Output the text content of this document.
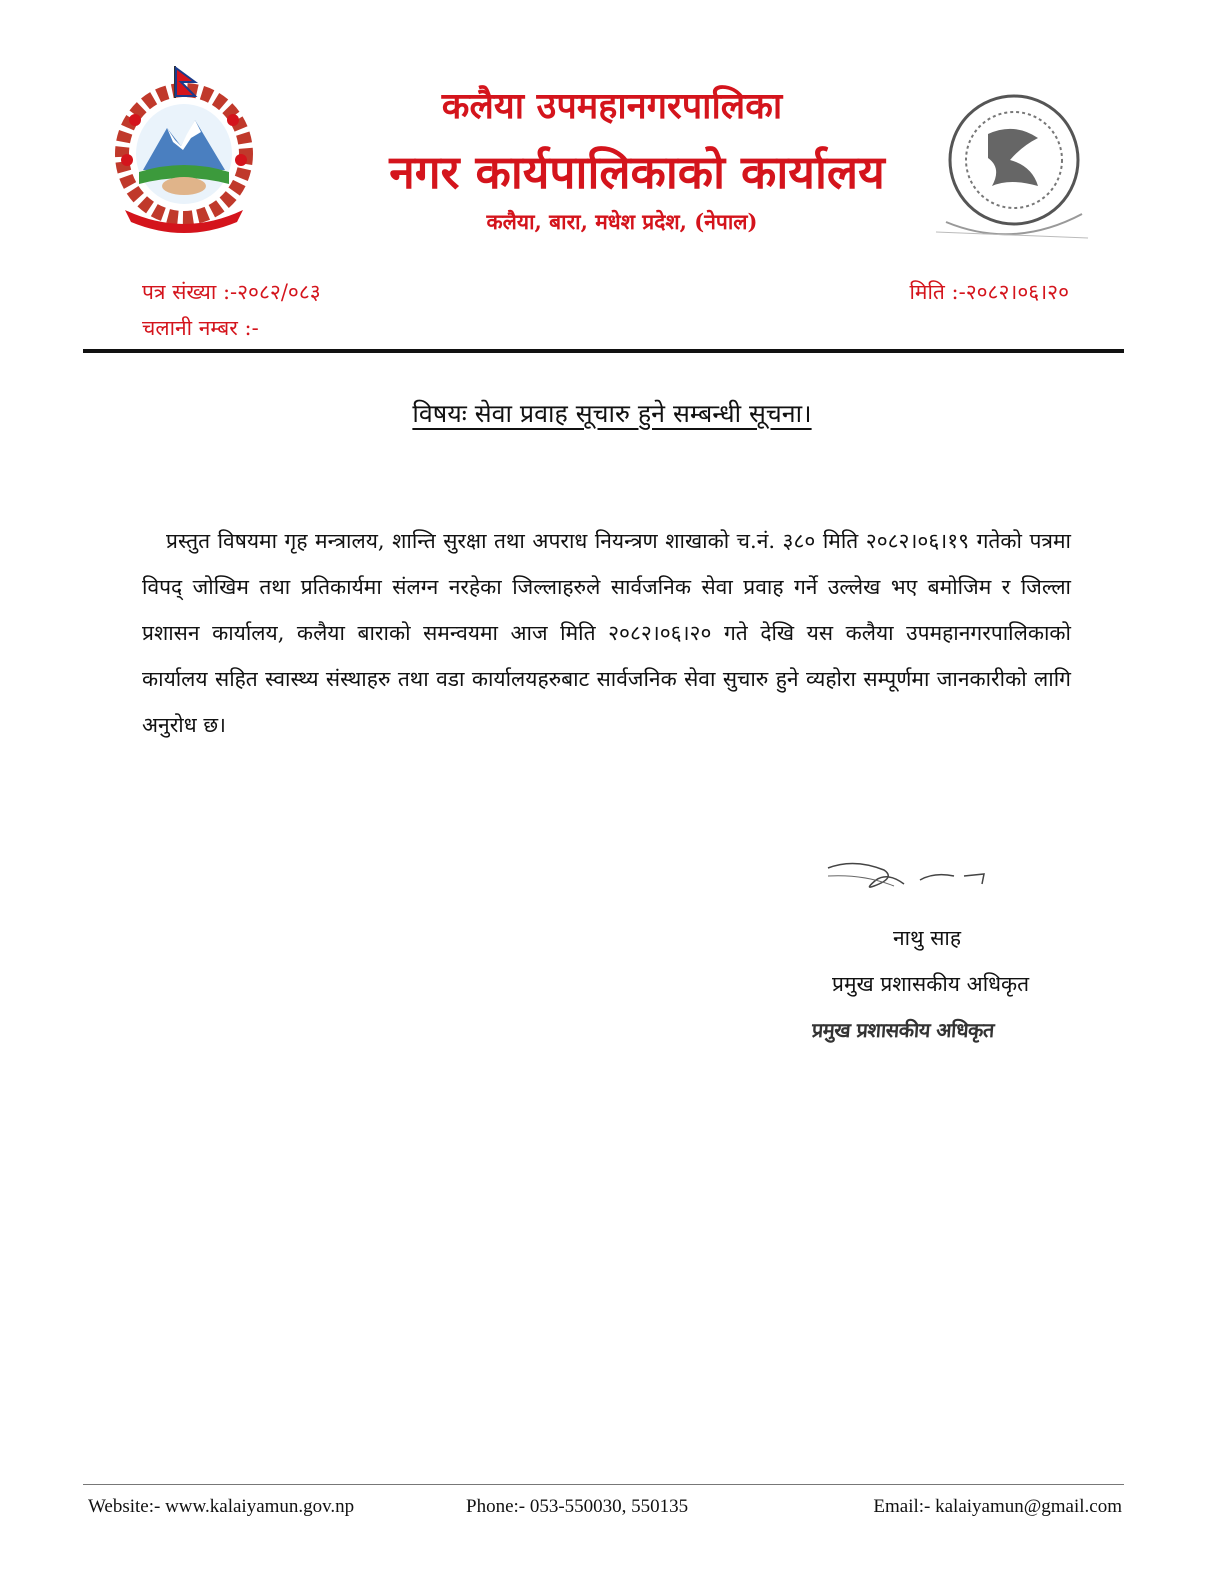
कलैया उपमहानगरपालिका
नगर कार्यपालिकाको कार्यालय
कलैया, बारा, मधेश प्रदेश, (नेपाल)
पत्र संख्या :-२०८२/०८३
चलानी नम्बर :-
मिति :-२०८२।०६।२०
विषयः सेवा प्रवाह सूचारु हुने सम्बन्धी सूचना।

प्रस्तुत विषयमा गृह मन्त्रालय, शान्ति सुरक्षा तथा अपराध नियन्त्रण शाखाको च.नं. ३८० मिति २०८२।०६।१९ गतेको पत्रमा विपद् जोखिम तथा प्रतिकार्यमा संलग्न नरहेका जिल्लाहरुले सार्वजनिक सेवा प्रवाह गर्ने उल्लेख भए बमोजिम र जिल्ला प्रशासन कार्यालय, कलैया बाराको समन्वयमा आज मिति २०८२।०६।२० गते देखि यस कलैया उपमहानगरपालिकाको कार्यालय सहित स्वास्थ्य संस्थाहरु तथा वडा कार्यालयहरुबाट सार्वजनिक सेवा सुचारु हुने व्यहोरा सम्पूर्णमा जानकारीको लागि अनुरोध छ।

नाथु साह
प्रमुख प्रशासकीय अधिकृत
प्रमुख प्रशासकीय अधिकृत
Website:- www.kalaiyamun.gov.np	Phone:- 053-550030, 550135	Email:- kalaiyamun@gmail.com
